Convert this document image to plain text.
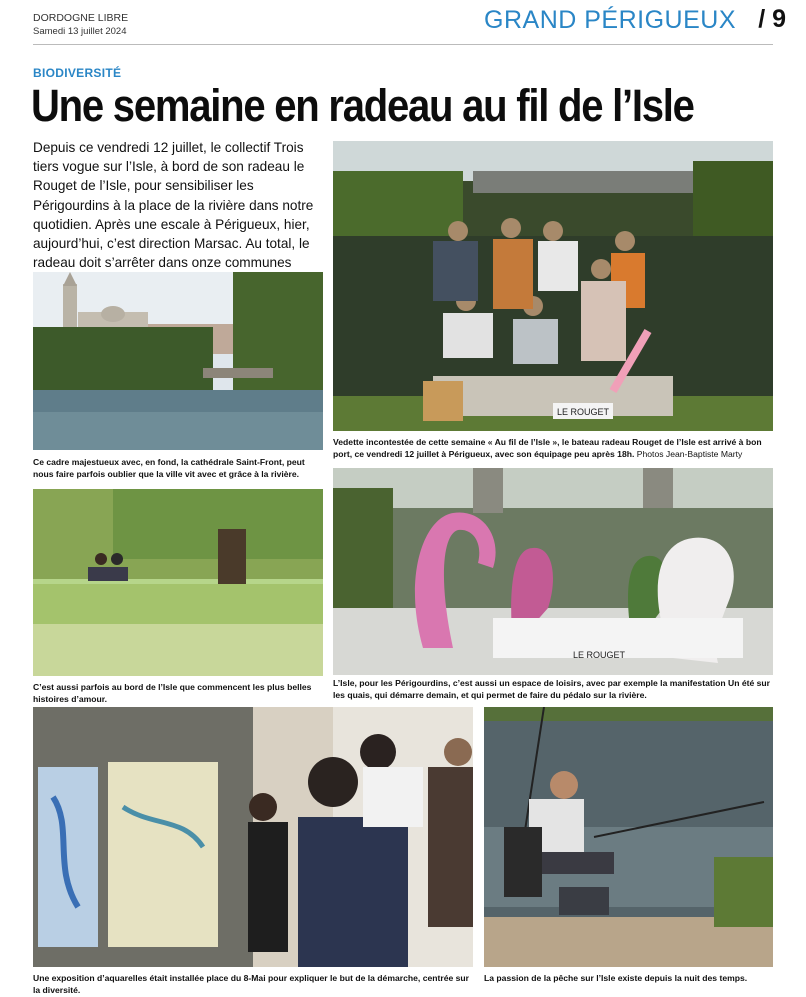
DORDOGNE LIBRE
Samedi 13 juillet 2024	GRAND PÉRIGUEUX / 9
BIODIVERSITÉ
Une semaine en radeau au fil de l’Isle
Depuis ce vendredi 12 juillet, le collectif Trois tiers vogue sur l’Isle, à bord de son radeau le Rouget de l’Isle, pour sensibiliser les Périgourdins à la place de la rivière dans notre quotidien. Après une escale à Périgueux, hier, aujourd’hui, c’est direction Marsac. Au total, le radeau doit s’arrêter dans onze communes
Ce cadre majestueux avec, en fond, la cathédrale Saint-Front, peut nous faire parfois oublier que la ville vit avec et grâce à la rivière.
LE ROUGET
Vedette incontestée de cette semaine « Au fil de l’Isle », le bateau radeau Rouget de l’Isle est arrivé à bon port, ce vendredi 12 juillet à Périgueux, avec son équipage peu après 18h. Photos Jean-Baptiste Marty
C’est aussi parfois au bord de l’Isle que commencent les plus belles histoires d’amour.
LE ROUGET
L’Isle, pour les Périgourdins, c’est aussi un espace de loisirs, avec par exemple la manifestation Un été sur les quais, qui démarre demain, et qui permet de faire du pédalo sur la rivière.
Une exposition d’aquarelles était installée place du 8-Mai pour expliquer le but de la démarche, centrée sur la diversité.
La passion de la pêche sur l’Isle existe depuis la nuit des temps.
